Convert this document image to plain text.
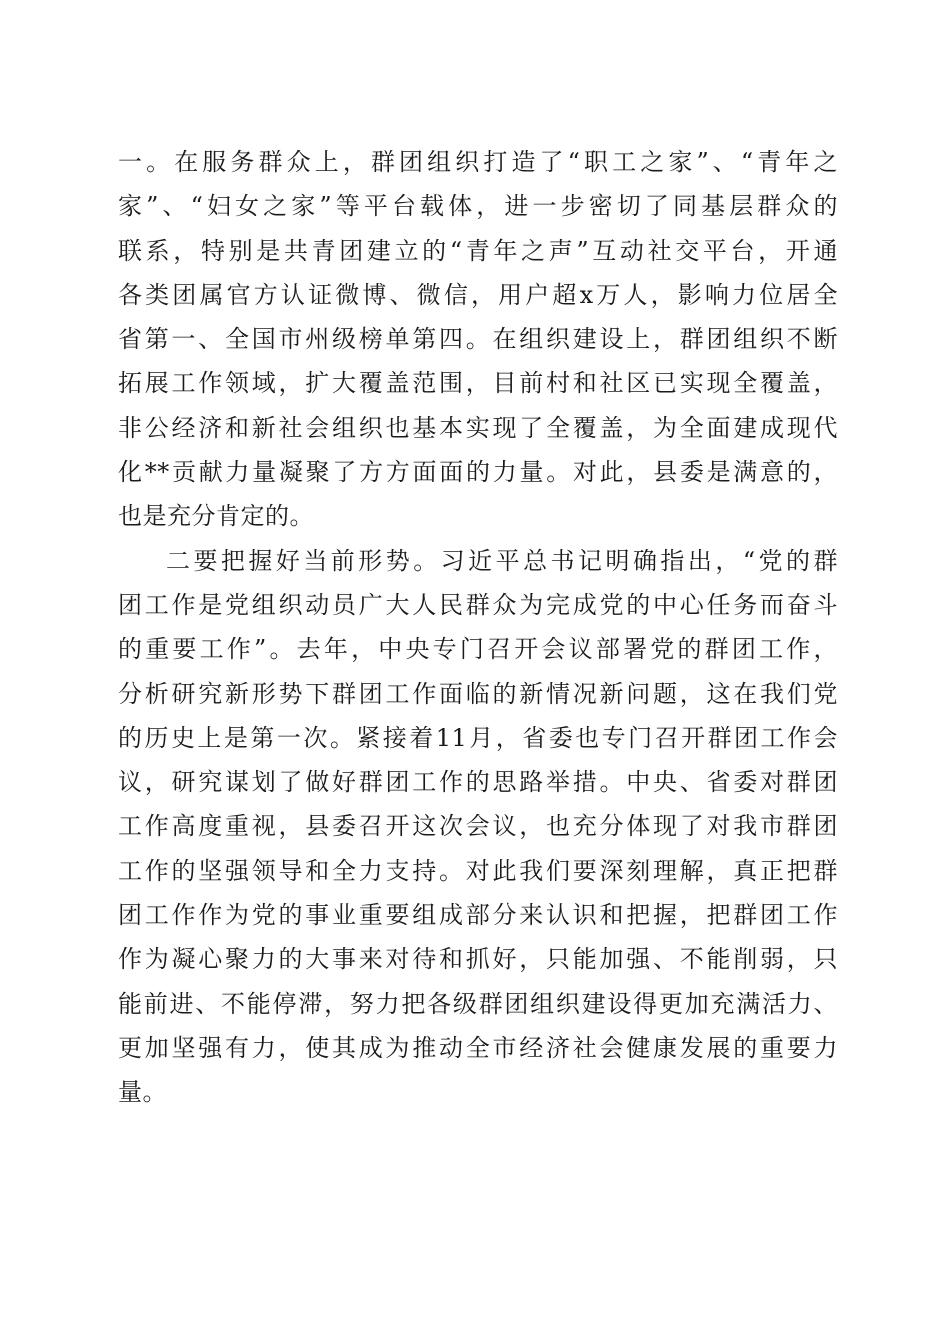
一。在服务群众上，群团组织打造了“职工之家”、“青年之
家”、“妇女之家”等平台载体，进一步密切了同基层群众的
联系，特别是共青团建立的“青年之声”互动社交平台，开通
各类团属官方认证微博、微信，用户超x万人，影响力位居全
省第一、全国市州级榜单第四。在组织建设上，群团组织不断
拓展工作领域，扩大覆盖范围，目前村和社区已实现全覆盖，
非公经济和新社会组织也基本实现了全覆盖，为全面建成现代
化**贡献力量凝聚了方方面面的力量。对此，县委是满意的，
也是充分肯定的。
二要把握好当前形势。习近平总书记明确指出，“党的群
团工作是党组织动员广大人民群众为完成党的中心任务而奋斗
的重要工作”。去年，中央专门召开会议部署党的群团工作，
分析研究新形势下群团工作面临的新情况新问题，这在我们党
的历史上是第一次。紧接着11月，省委也专门召开群团工作会
议，研究谋划了做好群团工作的思路举措。中央、省委对群团
工作高度重视，县委召开这次会议，也充分体现了对我市群团
工作的坚强领导和全力支持。对此我们要深刻理解，真正把群
团工作作为党的事业重要组成部分来认识和把握，把群团工作
作为凝心聚力的大事来对待和抓好，只能加强、不能削弱，只
能前进、不能停滞，努力把各级群团组织建设得更加充满活力、
更加坚强有力，使其成为推动全市经济社会健康发展的重要力
量。
